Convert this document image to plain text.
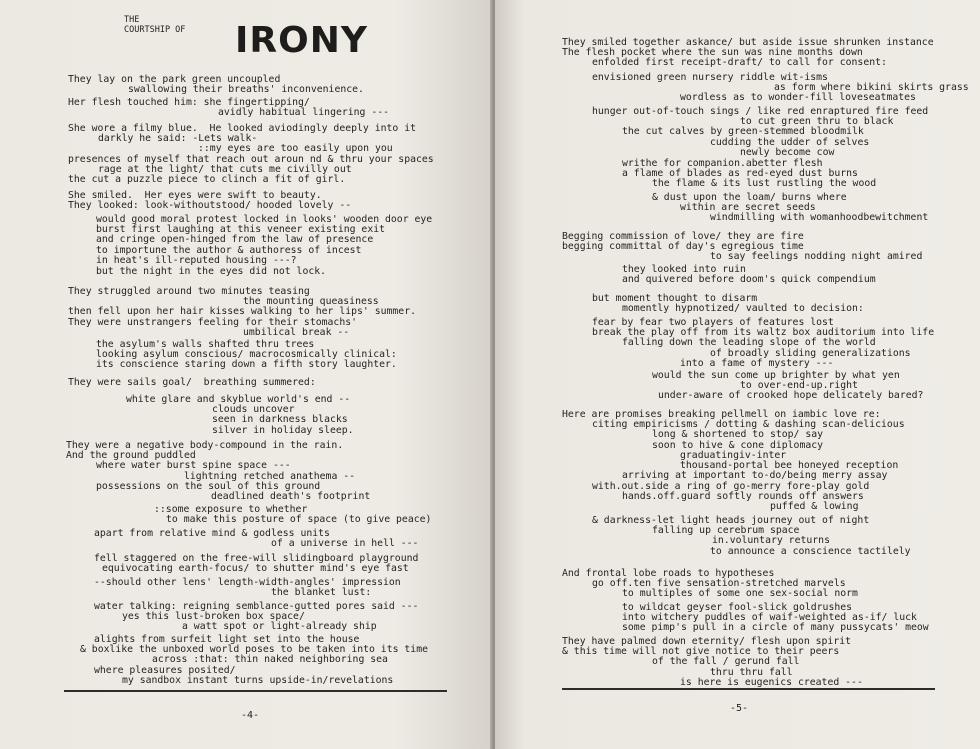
THE
COURTSHIP OF IRONY
-4-
-5-
They lay on the park green uncoupled
swallowing their breaths' inconvenience.
Her flesh touched him: she fingertipping/
avidly habitual lingering ---
She wore a filmy blue.  He looked aviodingly deeply into it
darkly he said: -Lets walk-
::my eyes are too easily upon you
presences of myself that reach out aroun nd & thru your spaces
rage at the light/ that cuts me civilly out
the cut a puzzle piece to clinch a fit of girl.
She smiled.  Her eyes were swift to beauty.
They looked: look-withoutstood/ hooded lovely --
would good moral protest locked in looks' wooden door eye
burst first laughing at this veneer existing exit
and cringe open-hinged from the law of presence
to importune the author & authoress of incest
in heat's ill-reputed housing ---?
but the night in the eyes did not lock.
They struggled around two minutes teasing
the mounting queasiness
then fell upon her hair kisses walking to her lips' summer.
They were unstrangers feeling for their stomachs'
umbilical break --
the asylum's walls shafted thru trees
looking asylum conscious/ macrocosmically clinical:
its conscience staring down a fifth story laughter.
They were sails goal/  breathing summered:
white glare and skyblue world's end --
clouds uncover
seen in darkness blacks
silver in holiday sleep.
They were a negative body-compound in the rain.
And the ground puddled
where water burst spine space ---
lightning retched anathema --
possessions on the soul of this ground
deadlined death's footprint
::some exposure to whether
to make this posture of space (to give peace)
apart from relative mind & godless units
of a universe in hell ---
fell staggered on the free-will slidingboard playground
equivocating earth-focus/ to shutter mind's eye fast
--should other lens' length-width-angles' impression
the blanket lust:
water talking: reigning semblance-gutted pores said ---
yes this lust-broken box space/
a watt spot or light-already ship
alights from surfeit light set into the house
& boxlike the unboxed world poses to be taken into its time
across :that: thin naked neighboring sea
where pleasures posited/
my sandbox instant turns upside-in/revelations
They smiled together askance/ but aside issue shrunken instance
The flesh pocket where the sun was nine months down
enfolded first receipt-draft/ to call for consent:
envisioned green nursery riddle wit-isms
as form where bikini skirts grass
wordless as to wonder-fill loveseatmates
hunger out-of-touch sings / like red enraptured fire feed
to cut green thru to black
the cut calves by green-stemmed bloodmilk
cudding the udder of selves
newly become cow
writhe for companion.abetter flesh
a flame of blades as red-eyed dust burns
the flame & its lust rustling the wood
& dust upon the loam/ burns where
within are secret seeds
windmilling with womanhoodbewitchment
Begging commission of love/ they are fire
begging committal of day's egregious time
to say feelings nodding night amired
they looked into ruin
and quivered before doom's quick compendium
but moment thought to disarm
momently hypnotized/ vaulted to decision:
fear by fear two players of features lost
break the play off from its waltz box auditorium into life
falling down the leading slope of the world
of broadly sliding generalizations
into a fame of mystery ---
would the sun come up brighter by what yen
to over-end-up.right
under-aware of crooked hope delicately bared?
Here are promises breaking pellmell on iambic love re:
citing empiricisms / dotting & dashing scan-delicious
long & shortened to stop/ say
soon to hive & cone diplomacy
graduatingiv-inter
thousand-portal bee honeyed reception
arriving at important to-do/being merry assay
with.out.side a ring of go-merry fore-play gold
hands.off.guard softly rounds off answers
puffed & lowing
& darkness-let light heads journey out of night
falling up cerebrum space
in.voluntary returns
to announce a conscience tactilely
And frontal lobe roads to hypotheses
go off.ten five sensation-stretched marvels
to multiples of some one sex-social norm
to wildcat geyser fool-slick goldrushes
into witchery puddles of waif-weighted as-if/ luck
some pimp's pull in a circle of many pussycats' meow
They have palmed down eternity/ flesh upon spirit
& this time will not give notice to their peers
of the fall / gerund fall
thru thru fall
is here is eugenics created ---
